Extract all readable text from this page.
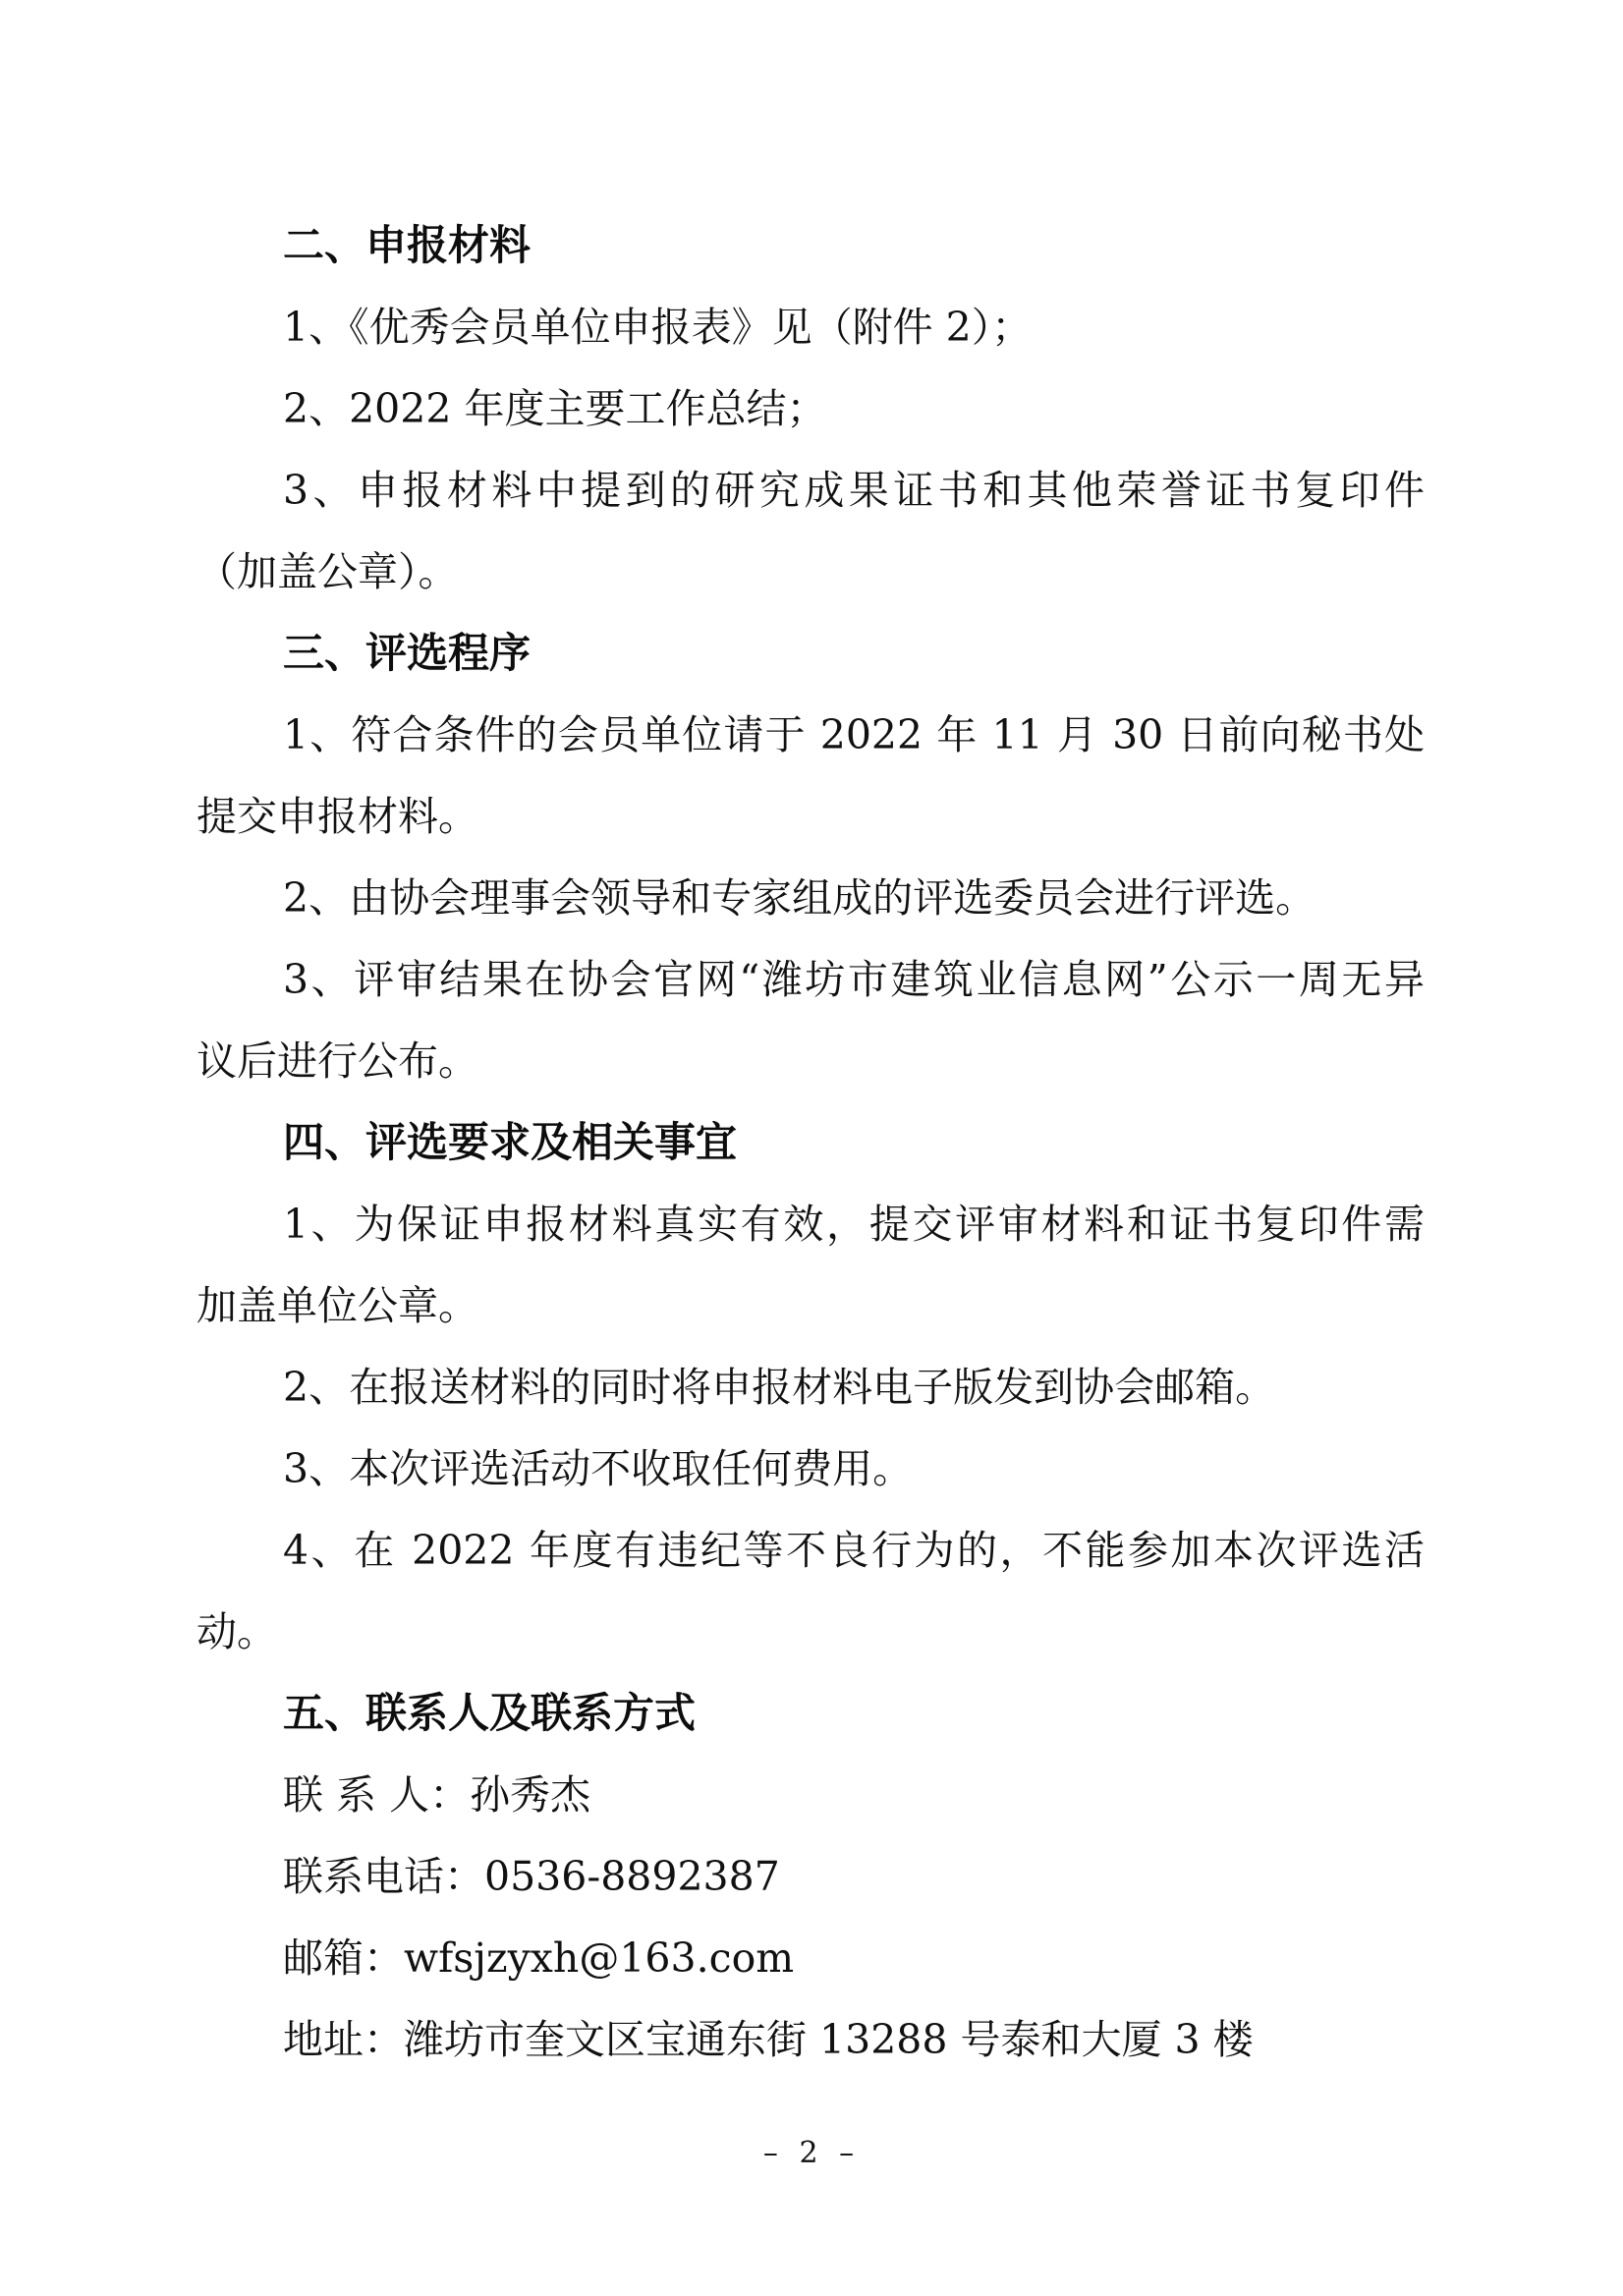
二、申报材料
1、《优秀会员单位申报表》见（附件 2）；
2、2022 年度主要工作总结；
3、申报材料中提到的研究成果证书和其他荣誉证书复印件
（加盖公章）。
三、评选程序
1、符合条件的会员单位请于 2022 年 11 月 30 日前向秘书处
提交申报材料。
2、由协会理事会领导和专家组成的评选委员会进行评选。
3、评审结果在协会官网“潍坊市建筑业信息网”公示一周无异
议后进行公布。
四、评选要求及相关事宜
1、为保证申报材料真实有效，提交评审材料和证书复印件需
加盖单位公章。
2、在报送材料的同时将申报材料电子版发到协会邮箱。
3、本次评选活动不收取任何费用。
4、在 2022 年度有违纪等不良行为的，不能参加本次评选活
动。
五、联系人及联系方式
联 系 人：孙秀杰
联系电话：0536-8892387
邮箱：wfsjzyxh@163.com
地址：潍坊市奎文区宝通东街 13288 号泰和大厦 3 楼
– 2 –
